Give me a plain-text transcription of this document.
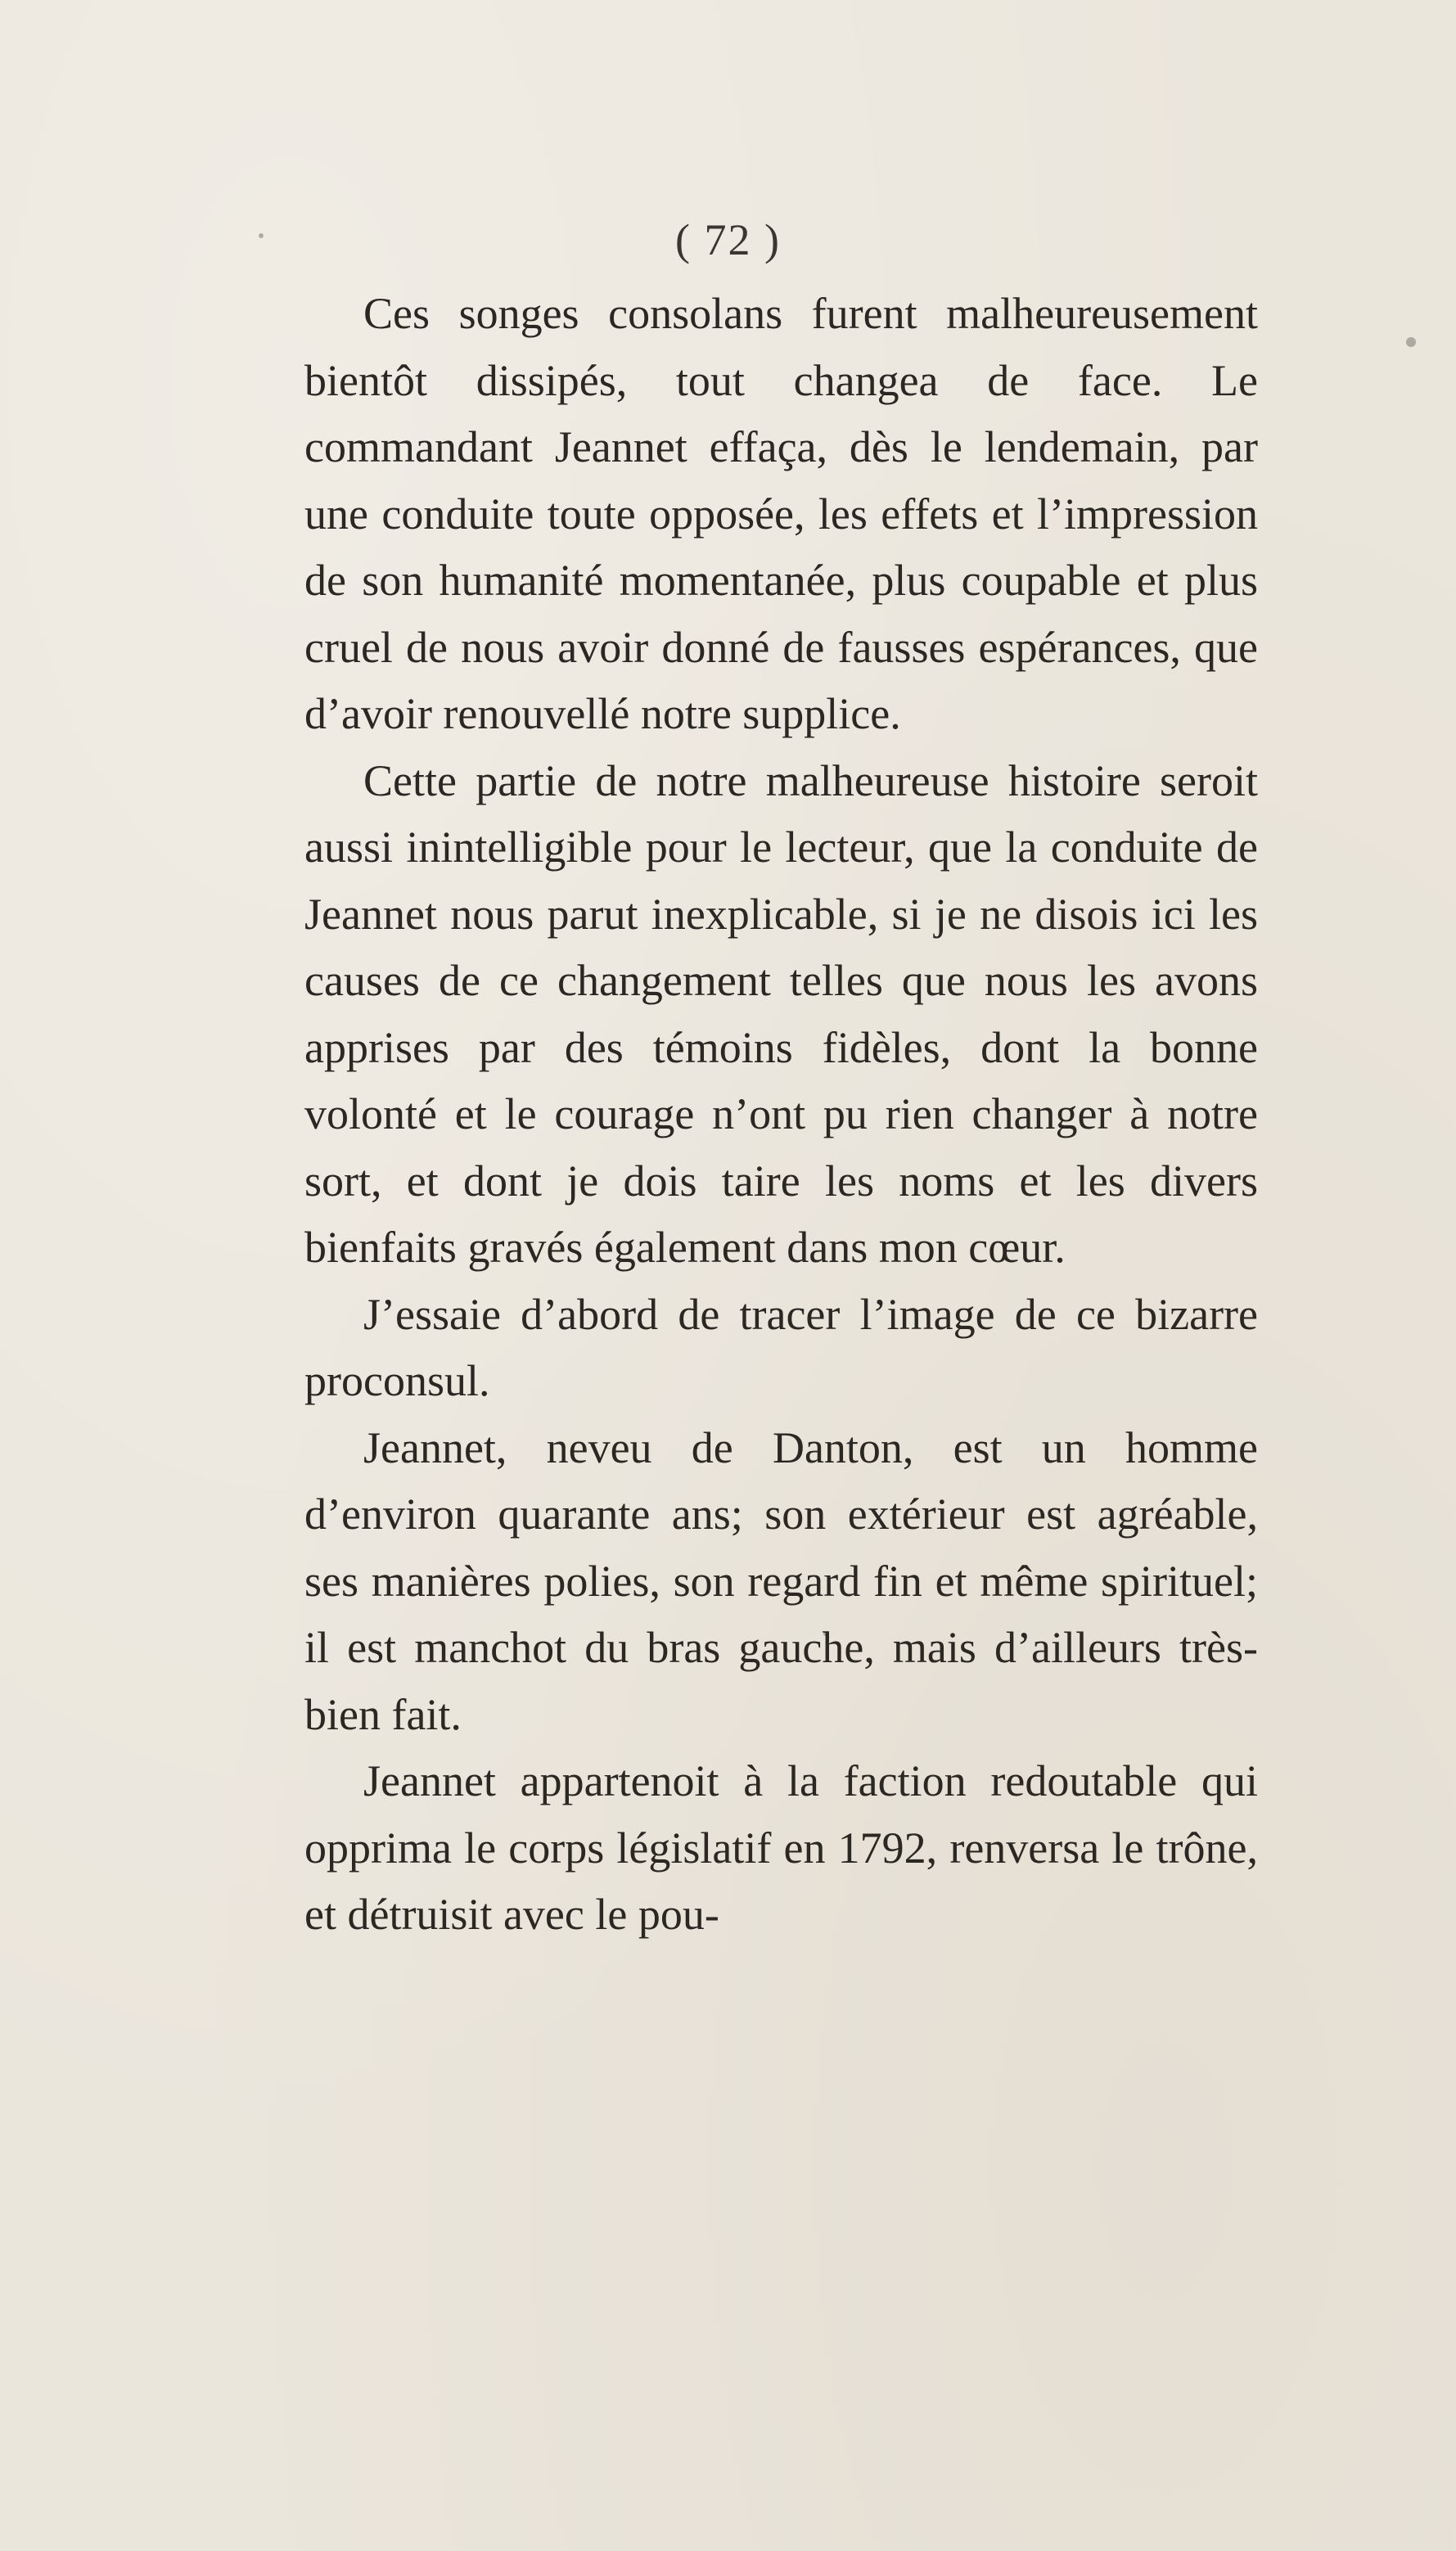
( 72 )

Ces songes consolans furent malheureusement bientôt dissipés, tout changea de face. Le commandant Jeannet effaça, dès le lendemain, par une conduite toute opposée, les effets et l’impression de son humanité momentanée, plus coupable et plus cruel de nous avoir donné de fausses espérances, que d’avoir renouvellé notre supplice.

Cette partie de notre malheureuse histoire seroit aussi inintelligible pour le lecteur, que la conduite de Jeannet nous parut inexplicable, si je ne disois ici les causes de ce changement telles que nous les avons apprises par des témoins fidèles, dont la bonne volonté et le courage n’ont pu rien changer à notre sort, et dont je dois taire les noms et les divers bienfaits gravés également dans mon cœur.

J’essaie d’abord de tracer l’image de ce bizarre proconsul.

Jeannet, neveu de Danton, est un homme d’environ quarante ans; son extérieur est agréable, ses manières polies, son regard fin et même spirituel; il est manchot du bras gauche, mais d’ailleurs très-bien fait.

Jeannet appartenoit à la faction redoutable qui opprima le corps législatif en 1792, renversa le trône, et détruisit avec le pou-
